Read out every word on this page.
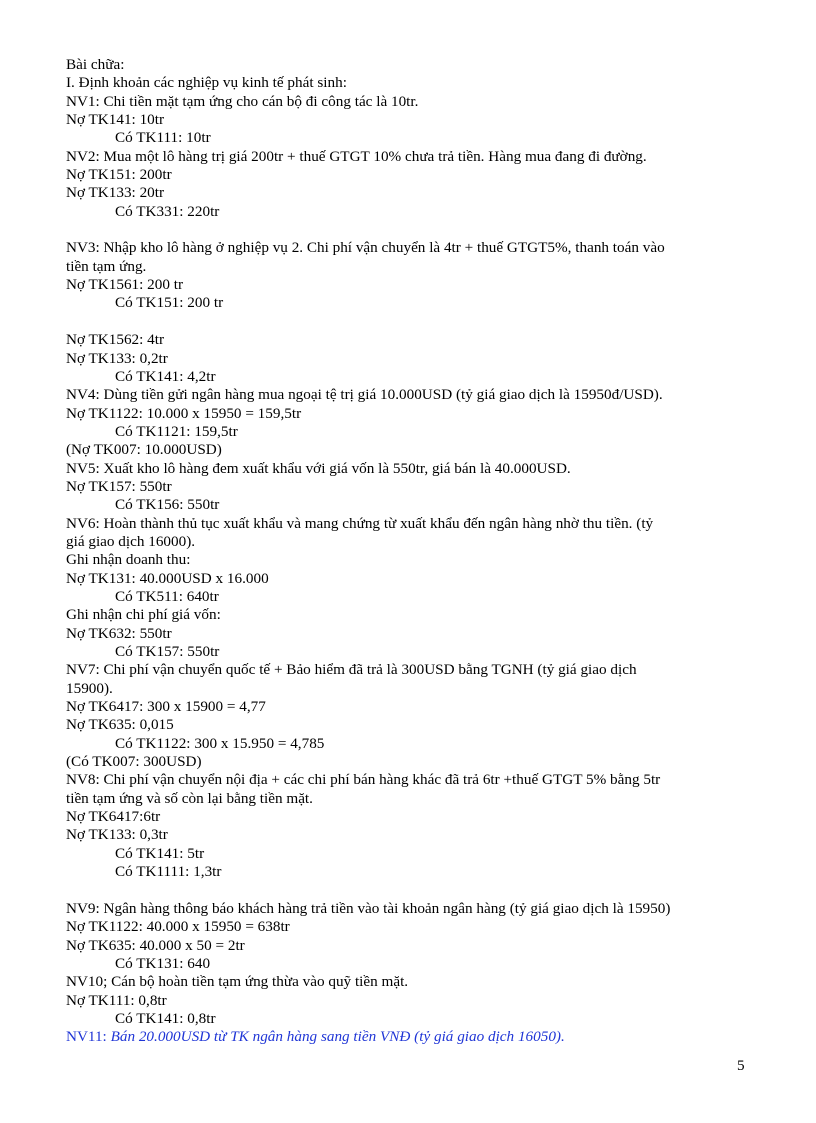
Bài chữa:

I. Định khoản các nghiệp vụ kinh tế phát sinh:

NV1: Chi tiền mặt tạm ứng cho cán bộ đi công tác là 10tr.

Nợ TK141: 10tr

Có TK111: 10tr

NV2: Mua một lô hàng trị giá 200tr + thuế GTGT 10% chưa trả tiền. Hàng mua đang đi đường.

Nợ TK151: 200tr

Nợ TK133: 20tr

Có TK331: 220tr

NV3: Nhập kho lô hàng ở nghiệp vụ 2. Chi phí vận chuyển là 4tr + thuế GTGT5%, thanh toán vào

tiền tạm ứng.

Nợ TK1561: 200 tr

Có TK151: 200 tr

Nợ TK1562: 4tr

Nợ TK133: 0,2tr

Có TK141: 4,2tr

NV4: Dùng tiền gửi ngân hàng mua ngoại tệ trị giá 10.000USD (tỷ giá giao dịch là 15950đ/USD).

Nợ TK1122: 10.000 x 15950 = 159,5tr

Có TK1121: 159,5tr

(Nợ TK007: 10.000USD)

NV5: Xuất kho lô hàng đem xuất khẩu với giá vốn là 550tr, giá bán là 40.000USD.

Nợ TK157: 550tr

Có TK156: 550tr

NV6: Hoàn thành thủ tục xuất khẩu và mang chứng từ xuất khẩu đến ngân hàng nhờ thu tiền. (tỷ

giá giao dịch 16000).

Ghi nhận doanh thu:

Nợ TK131: 40.000USD x 16.000

Có TK511: 640tr

Ghi nhận chi phí giá vốn:

Nợ TK632: 550tr

Có TK157: 550tr

NV7: Chi phí vận chuyển quốc tế + Bảo hiểm đã trả là 300USD bằng TGNH (tỷ giá giao dịch

15900).

Nợ TK6417: 300 x 15900 = 4,77

Nợ TK635: 0,015

Có TK1122: 300 x 15.950 = 4,785

(Có TK007: 300USD)

NV8: Chi phí vận chuyển nội địa + các chi phí bán hàng khác đã trả 6tr +thuế GTGT 5% bằng 5tr

tiền tạm ứng và số còn lại bằng tiền mặt.

Nợ TK6417:6tr

Nợ TK133: 0,3tr

Có TK141: 5tr

Có TK1111: 1,3tr

NV9: Ngân hàng thông báo khách hàng trả tiền vào tài khoản ngân hàng (tỷ giá giao dịch là 15950)

Nợ TK1122: 40.000 x 15950 = 638tr

Nợ TK635: 40.000 x 50 = 2tr

Có TK131: 640

NV10; Cán bộ hoàn tiền tạm ứng thừa vào quỹ tiền mặt.

Nợ TK111: 0,8tr

Có TK141: 0,8tr

NV11: Bán 20.000USD từ TK ngân hàng sang tiền VNĐ (tỷ giá giao dịch 16050).

5
